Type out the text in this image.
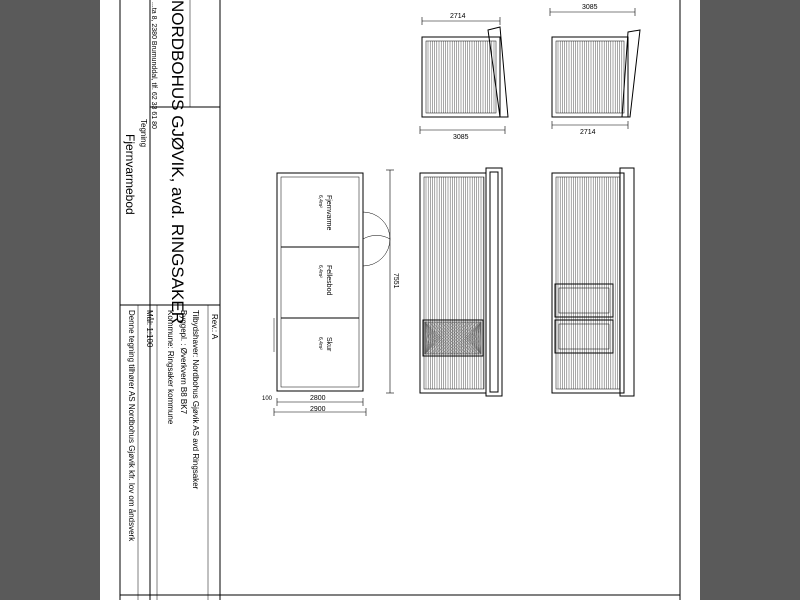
NORDBOHUS GJØVIK, avd. RINGSAKER
...ta 8, 2380 Brumunddal, tlf. 62 33 61 80
Tegning
Fjernvarmebod
Rev.: A
Tilbydshaver: Nordbohus Gjøvik AS avd Ringsaker
Byggepl. : Øverkvern B8 BK7
Kommune: Ringsaker kommune
Mål: 1:100
Denne tegning tilhører AS Nordbohus Gjøvik kfr. lov om åndsverk
Fjernvarme
6,4m²
Fellesbod
6,4m²
Skur
6,4m²
7551
2800
2900
100
2714
3085
3085
2714
